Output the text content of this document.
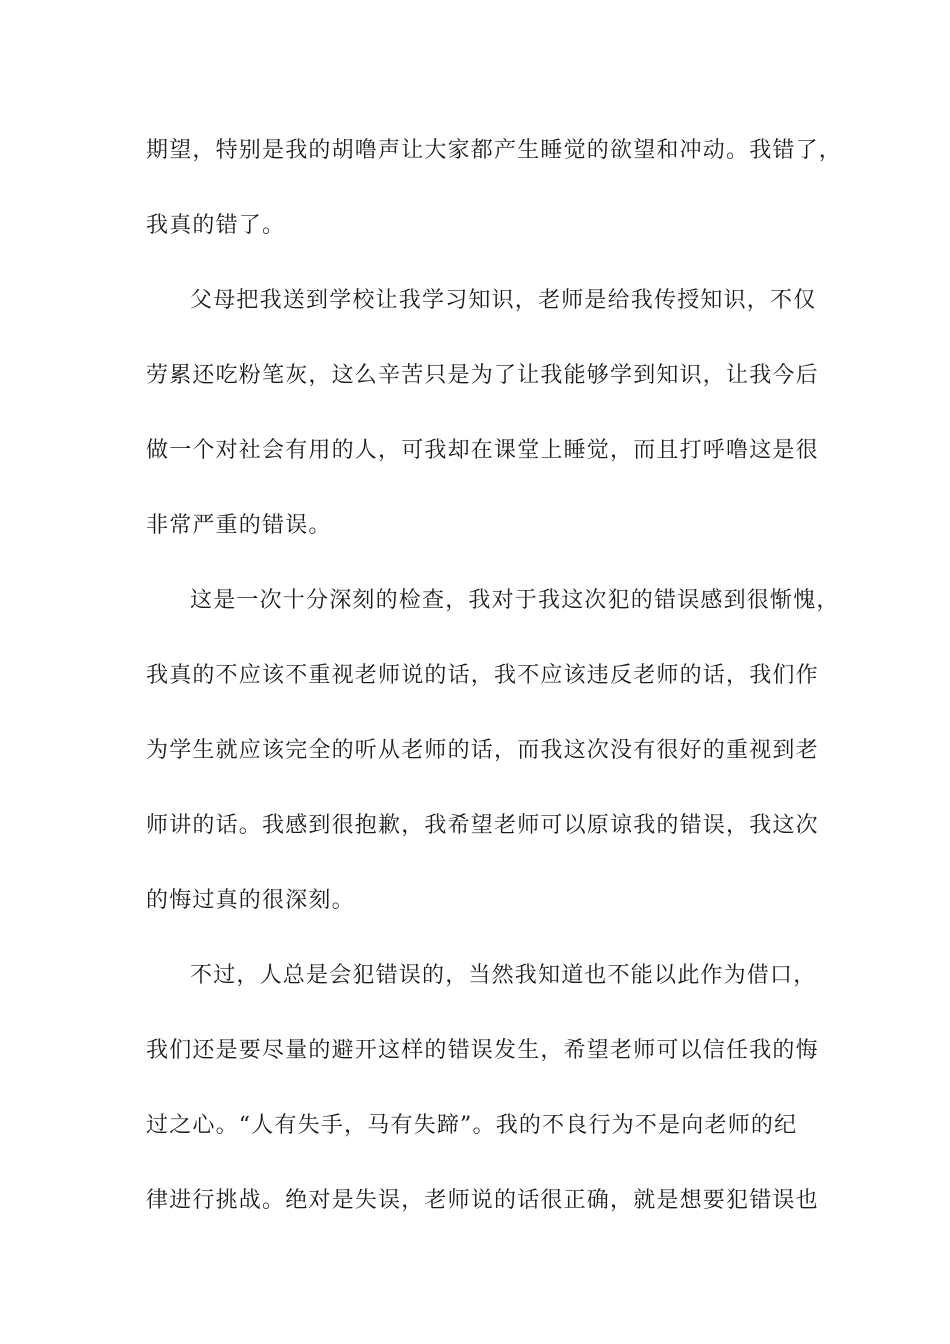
期望，特别是我的胡噜声让大家都产生睡觉的欲望和冲动。我错了，
我真的错了。
父母把我送到学校让我学习知识，老师是给我传授知识，不仅
劳累还吃粉笔灰，这么辛苦只是为了让我能够学到知识，让我今后
做一个对社会有用的人，可我却在课堂上睡觉，而且打呼噜这是很
非常严重的错误。
这是一次十分深刻的检查，我对于我这次犯的错误感到很惭愧，
我真的不应该不重视老师说的话，我不应该违反老师的话，我们作
为学生就应该完全的听从老师的话，而我这次没有很好的重视到老
师讲的话。我感到很抱歉，我希望老师可以原谅我的错误，我这次
的悔过真的很深刻。
不过，人总是会犯错误的，当然我知道也不能以此作为借口，
我们还是要尽量的避开这样的错误发生，希望老师可以信任我的悔
过之心。“人有失手，马有失蹄”。我的不良行为不是向老师的纪
律进行挑战。绝对是失误，老师说的话很正确，就是想要犯错误也
